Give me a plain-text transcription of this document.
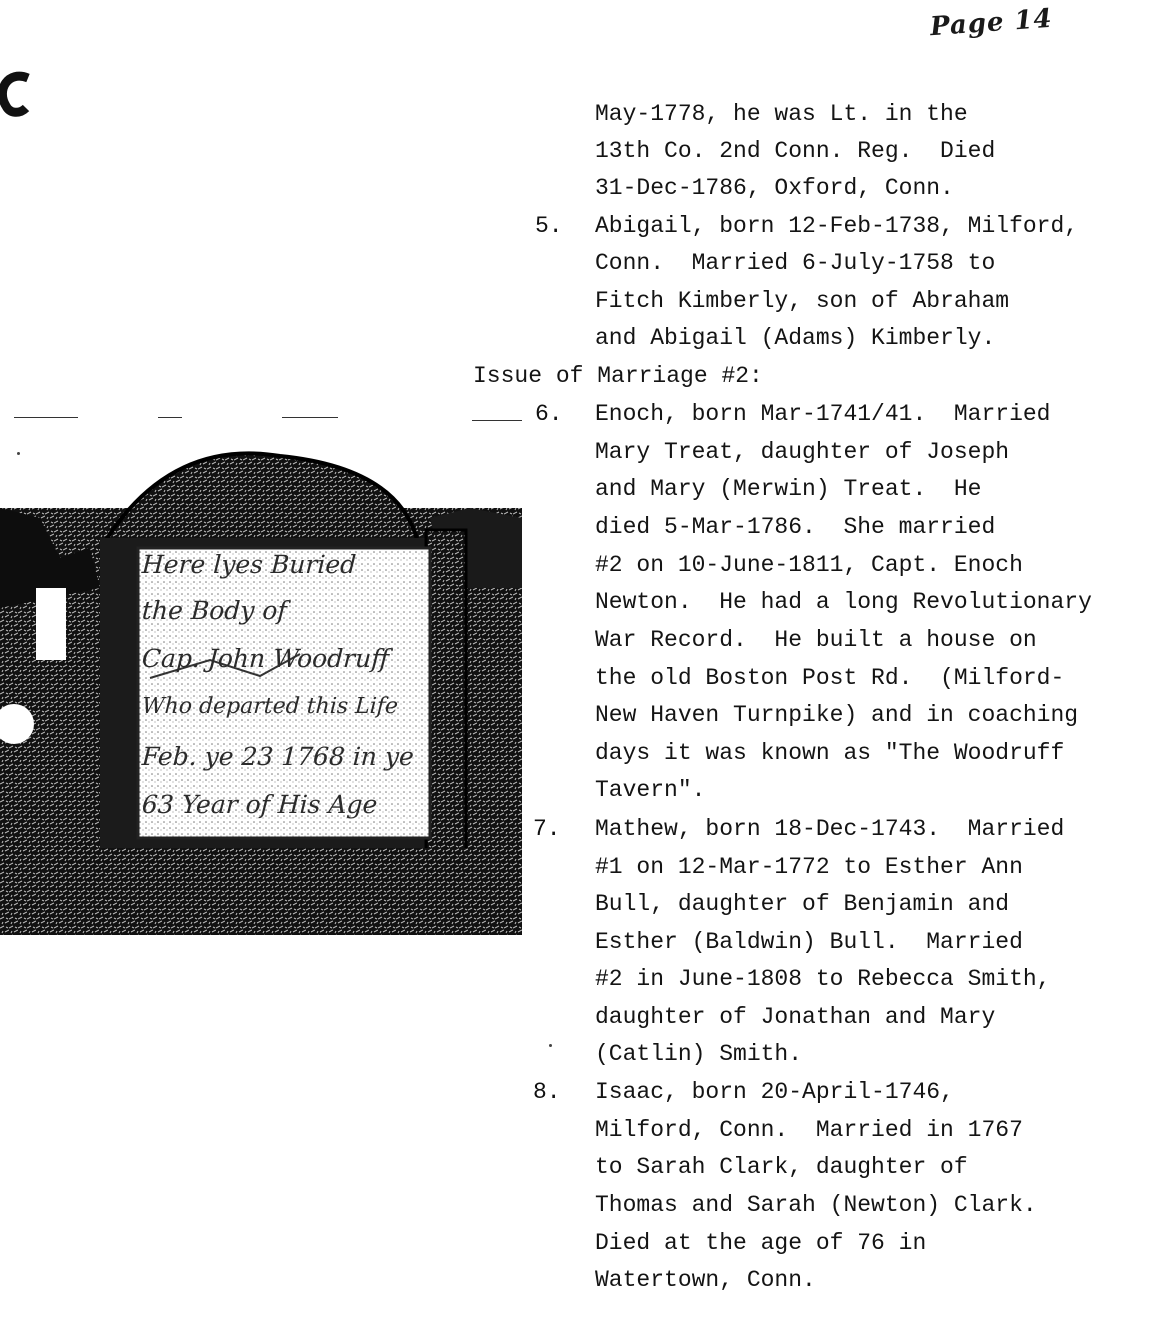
Page 14
Here lyes Buried
the Body of
Cap. John Woodruff
Who departed this Life
Feb. ye 23 1768 in ye
63 Year of His Age
May-1778, he was Lt. in the
13th Co. 2nd Conn. Reg.  Died
31-Dec-1786, Oxford, Conn.
5. Abigail, born 12-Feb-1738, Milford,
Conn.  Married 6-July-1758 to
Fitch Kimberly, son of Abraham
and Abigail (Adams) Kimberly.
Issue of Marriage #2:
6. Enoch, born Mar-1741/41.  Married
Mary Treat, daughter of Joseph
and Mary (Merwin) Treat.  He
died 5-Mar-1786.  She married
#2 on 10-June-1811, Capt. Enoch
Newton.  He had a long Revolutionary
War Record.  He built a house on
the old Boston Post Rd.  (Milford-
New Haven Turnpike) and in coaching
days it was known as "The Woodruff
Tavern".
7. Mathew, born 18-Dec-1743.  Married
#1 on 12-Mar-1772 to Esther Ann
Bull, daughter of Benjamin and
Esther (Baldwin) Bull.  Married
#2 in June-1808 to Rebecca Smith,
daughter of Jonathan and Mary
(Catlin) Smith.
8. Isaac, born 20-April-1746,
Milford, Conn.  Married in 1767
to Sarah Clark, daughter of
Thomas and Sarah (Newton) Clark.
Died at the age of 76 in
Watertown, Conn.
